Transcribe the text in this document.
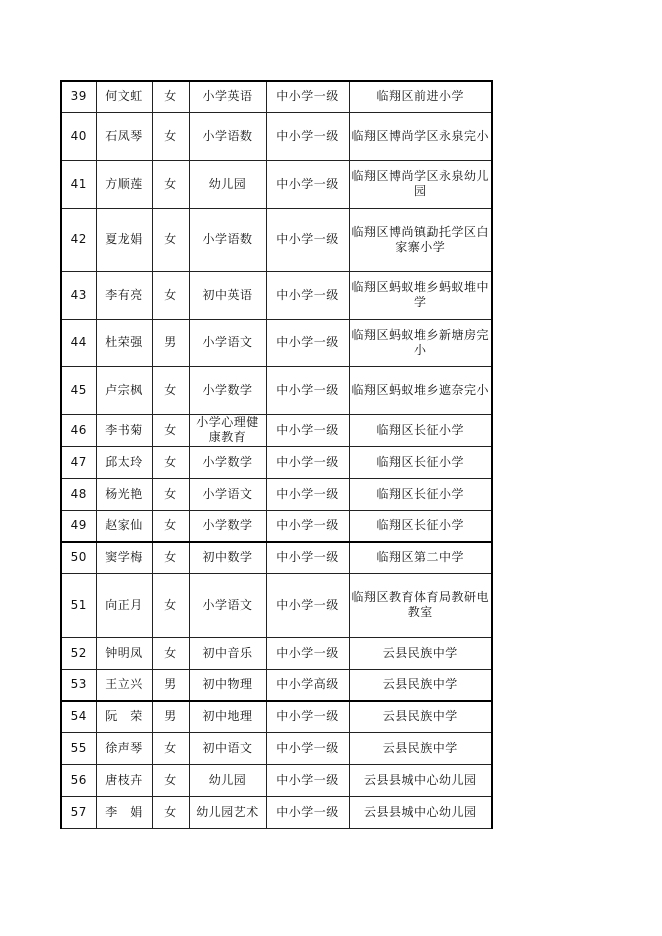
39	何文虹	女	小学英语	中小学一级	临翔区前进小学
40	石凤琴	女	小学语数	中小学一级	临翔区博尚学区永泉完小
41	方顺莲	女	幼儿园	中小学一级	临翔区博尚学区永泉幼儿园
42	夏龙娟	女	小学语数	中小学一级	临翔区博尚镇勐托学区白家寨小学
43	李有亮	女	初中英语	中小学一级	临翔区蚂蚁堆乡蚂蚁堆中学
44	杜荣强	男	小学语文	中小学一级	临翔区蚂蚁堆乡新塘房完小
45	卢宗枫	女	小学数学	中小学一级	临翔区蚂蚁堆乡遮奈完小
46	李书菊	女	小学心理健康教育	中小学一级	临翔区长征小学
47	邱太玲	女	小学数学	中小学一级	临翔区长征小学
48	杨光艳	女	小学语文	中小学一级	临翔区长征小学
49	赵家仙	女	小学数学	中小学一级	临翔区长征小学
50	窦学梅	女	初中数学	中小学一级	临翔区第二中学
51	向正月	女	小学语文	中小学一级	临翔区教育体育局教研电教室
52	钟明凤	女	初中音乐	中小学一级	云县民族中学
53	王立兴	男	初中物理	中小学高级	云县民族中学
54	阮　荣	男	初中地理	中小学一级	云县民族中学
55	徐声琴	女	初中语文	中小学一级	云县民族中学
56	唐枝卉	女	幼儿园	中小学一级	云县县城中心幼儿园
57	李　娟	女	幼儿园艺术	中小学一级	云县县城中心幼儿园
